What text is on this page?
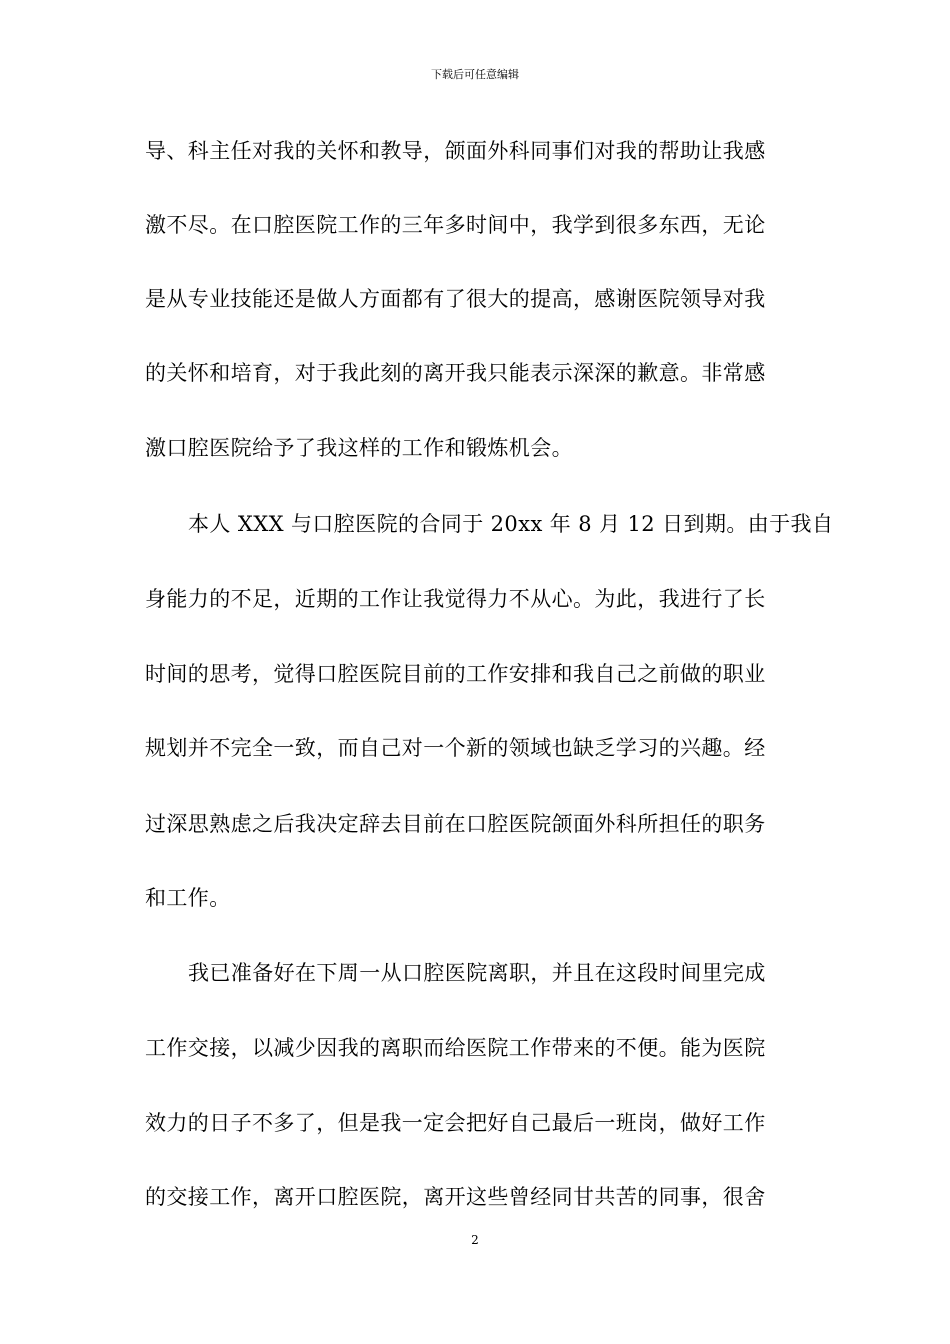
下载后可任意编辑
导、科主任对我的关怀和教导，颌面外科同事们对我的帮助让我感
激不尽。在口腔医院工作的三年多时间中，我学到很多东西，无论
是从专业技能还是做人方面都有了很大的提高，感谢医院领导对我
的关怀和培育，对于我此刻的离开我只能表示深深的歉意。非常感
激口腔医院给予了我这样的工作和锻炼机会。
本人 XXX 与口腔医院的合同于 20xx 年 8 月 12 日到期。由于我自
身能力的不足，近期的工作让我觉得力不从心。为此，我进行了长
时间的思考，觉得口腔医院目前的工作安排和我自己之前做的职业
规划并不完全一致，而自己对一个新的领域也缺乏学习的兴趣。经
过深思熟虑之后我决定辞去目前在口腔医院颌面外科所担任的职务
和工作。
我已准备好在下周一从口腔医院离职，并且在这段时间里完成
工作交接，以减少因我的离职而给医院工作带来的不便。能为医院
效力的日子不多了，但是我一定会把好自己最后一班岗，做好工作
的交接工作，离开口腔医院，离开这些曾经同甘共苦的同事，很舍
2
